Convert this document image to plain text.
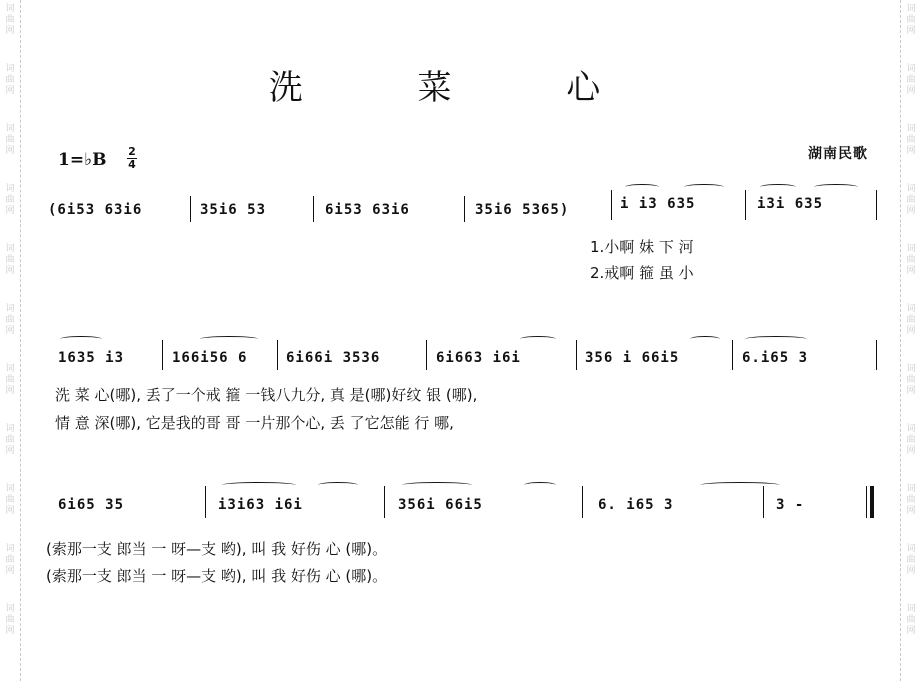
词曲网
词曲网
词曲网
词曲网
词曲网
词曲网
词曲网
词曲网
词曲网
词曲网
词曲网
词曲网
词曲网
词曲网
词曲网
词曲网
词曲网
词曲网
词曲网
词曲网
词曲网
词曲网
洗 菜 心
1=♭B 2
4
湖南民歌
(6i53 63i6	35i6 53	6i53 63i6	35i6 5365)	i i3 635	i3i 635
1.小啊 妹 下 河
2.戒啊 箍 虽 小
1635 i3	166i56 6	6i66i 3536	6i663 i6i	356 i 66i5	6.i65 3
洗 菜 心(哪), 丢了一个戒 箍 一钱八九分, 真 是(哪)好纹 银 (哪),
情 意 深(哪), 它是我的哥 哥 一片那个心, 丢 了它怎能 行 哪,
6i65 35	i3i63 i6i	356i 66i5	6. i65 3	3 -
(索那一支 郎当 一 呀—支 哟), 叫 我 好伤 心 (哪)。
(索那一支 郎当 一 呀—支 哟), 叫 我 好伤 心 (哪)。
